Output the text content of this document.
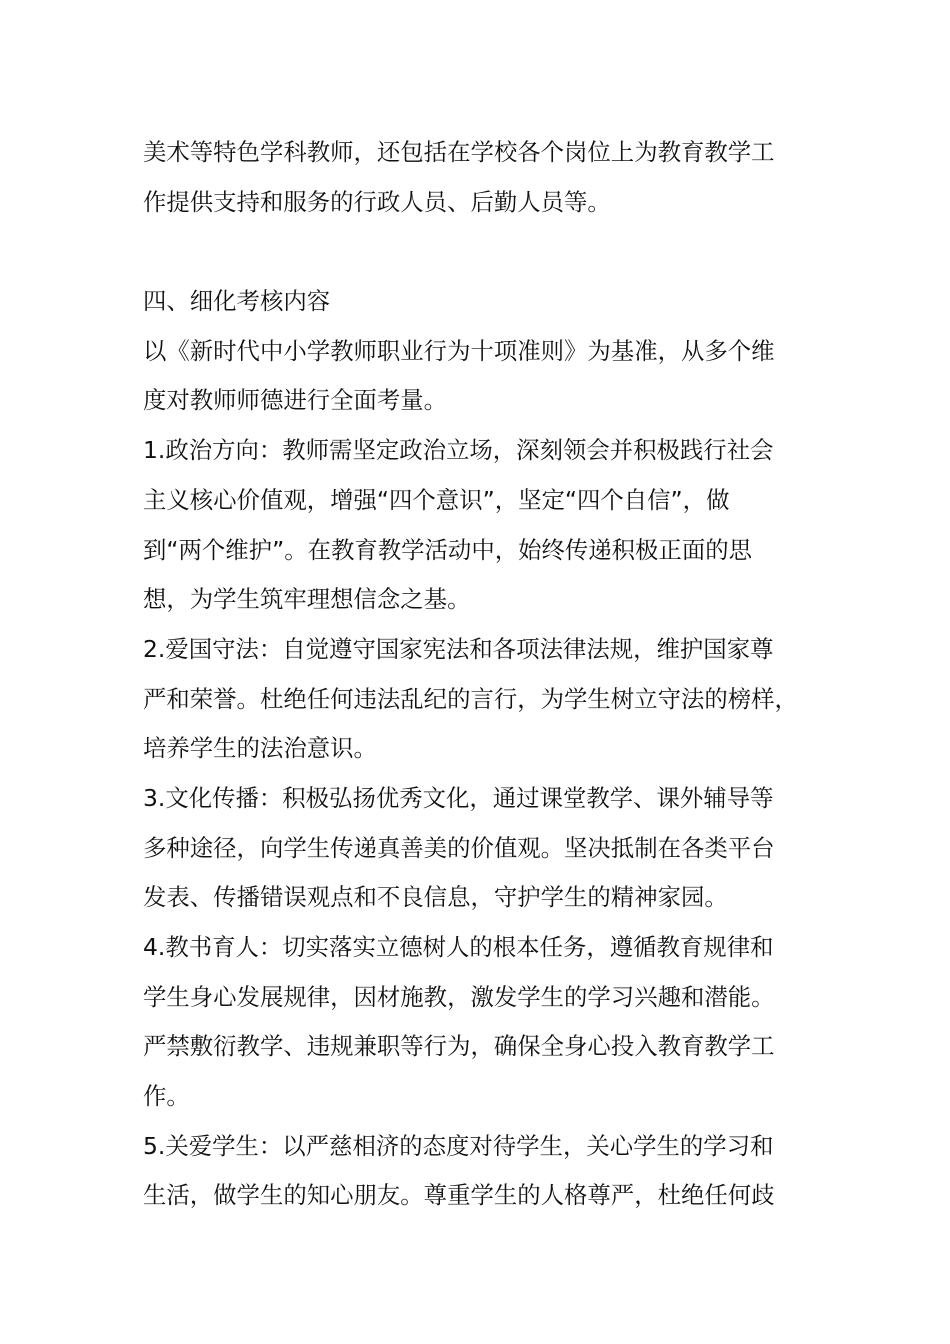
美术等特色学科教师，还包括在学校各个岗位上为教育教学工
作提供支持和服务的行政人员、后勤人员等。
四、细化考核内容
以《新时代中小学教师职业行为十项准则》为基准，从多个维
度对教师师德进行全面考量。
1.政治方向：教师需坚定政治立场，深刻领会并积极践行社会
主义核心价值观，增强“四个意识”，坚定“四个自信”，做
到“两个维护”。在教育教学活动中，始终传递积极正面的思
想，为学生筑牢理想信念之基。
2.爱国守法：自觉遵守国家宪法和各项法律法规，维护国家尊
严和荣誉。杜绝任何违法乱纪的言行，为学生树立守法的榜样，
培养学生的法治意识。
3.文化传播：积极弘扬优秀文化，通过课堂教学、课外辅导等
多种途径，向学生传递真善美的价值观。坚决抵制在各类平台
发表、传播错误观点和不良信息，守护学生的精神家园。
4.教书育人：切实落实立德树人的根本任务，遵循教育规律和
学生身心发展规律，因材施教，激发学生的学习兴趣和潜能。
严禁敷衍教学、违规兼职等行为，确保全身心投入教育教学工
作。
5.关爱学生：以严慈相济的态度对待学生，关心学生的学习和
生活，做学生的知心朋友。尊重学生的人格尊严，杜绝任何歧
